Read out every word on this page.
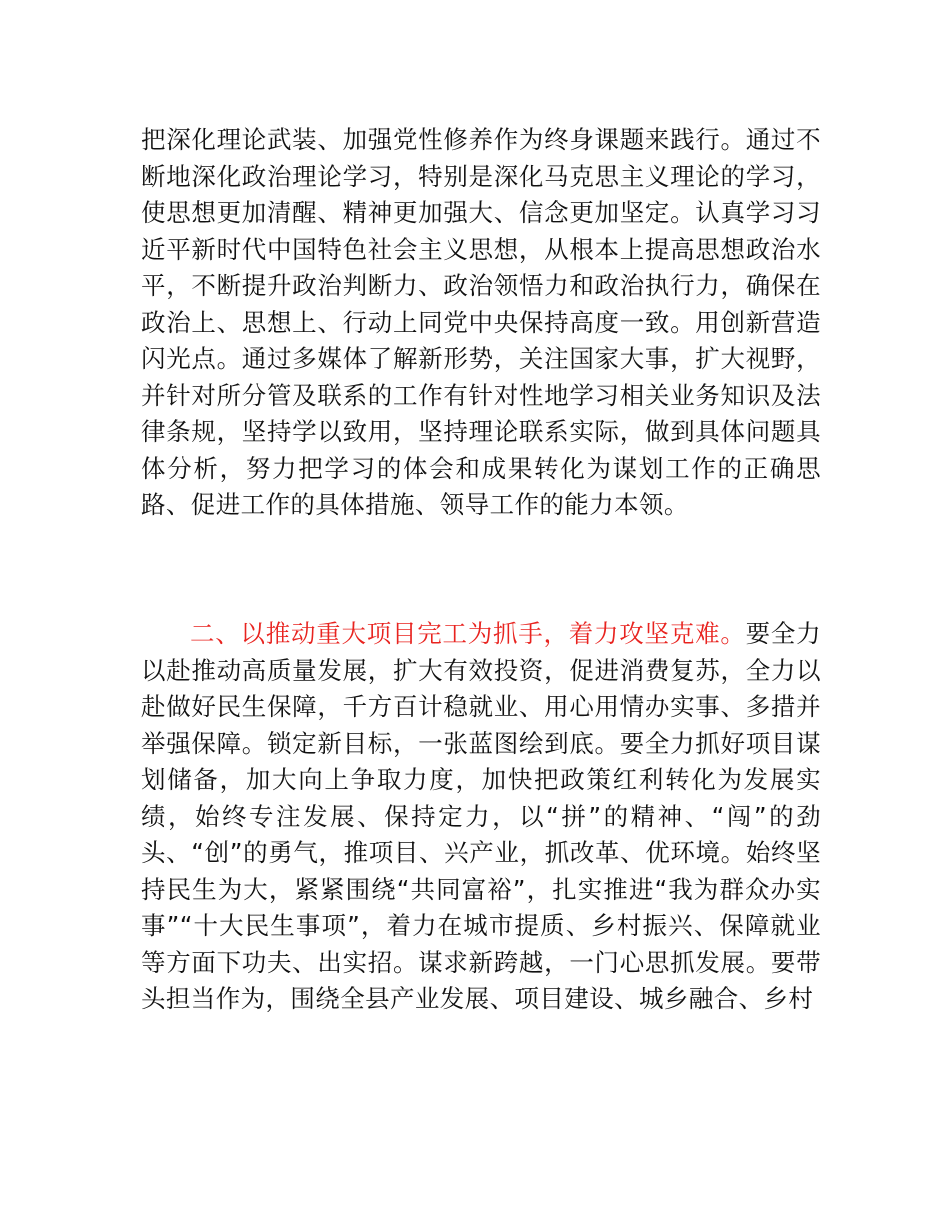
把深化理论武装、加强党性修养作为终身课题来践行。通过不断地深化政治理论学习，特别是深化马克思主义理论的学习，使思想更加清醒、精神更加强大、信念更加坚定。认真学习习近平新时代中国特色社会主义思想，从根本上提高思想政治水平，不断提升政治判断力、政治领悟力和政治执行力，确保在政治上、思想上、行动上同党中央保持高度一致。用创新营造闪光点。通过多媒体了解新形势，关注国家大事，扩大视野，并针对所分管及联系的工作有针对性地学习相关业务知识及法律条规，坚持学以致用，坚持理论联系实际，做到具体问题具体分析，努力把学习的体会和成果转化为谋划工作的正确思路、促进工作的具体措施、领导工作的能力本领。

二、以推动重大项目完工为抓手，着力攻坚克难。要全力以赴推动高质量发展，扩大有效投资，促进消费复苏，全力以赴做好民生保障，千方百计稳就业、用心用情办实事、多措并举强保障。锁定新目标，一张蓝图绘到底。要全力抓好项目谋划储备，加大向上争取力度，加快把政策红利转化为发展实绩，始终专注发展、保持定力，以“拼”的精神、“闯”的劲头、“创”的勇气，推项目、兴产业，抓改革、优环境。始终坚持民生为大，紧紧围绕“共同富裕”，扎实推进“我为群众办实事”“十大民生事项”，着力在城市提质、乡村振兴、保障就业等方面下功夫、出实招。谋求新跨越，一门心思抓发展。要带头担当作为，围绕全县产业发展、项目建设、城乡融合、乡村
